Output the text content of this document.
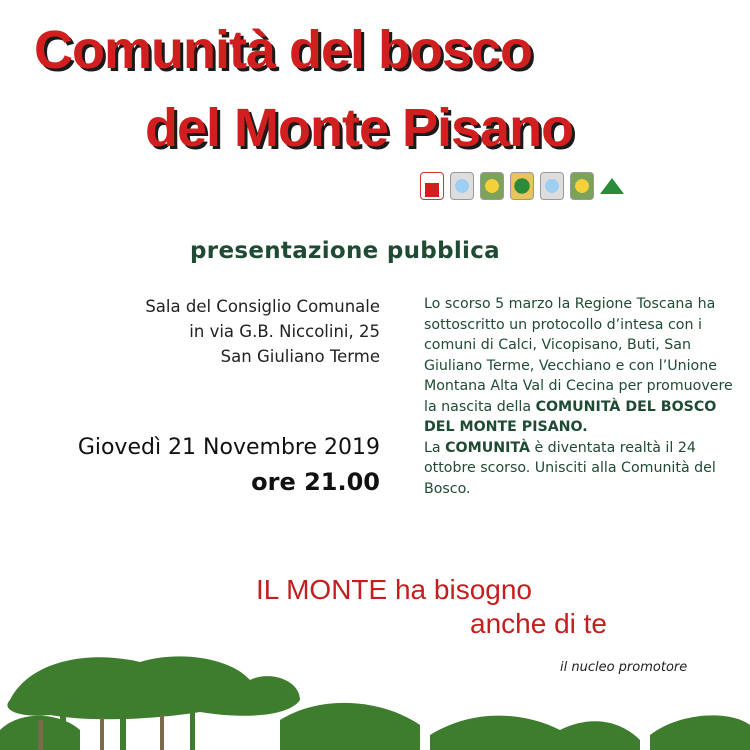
Comunità del bosco
del Monte Pisano
presentazione pubblica
Sala del Consiglio Comunale
in via G.B. Niccolini, 25
San Giuliano Terme
Giovedì 21 Novembre 2019
ore 21.00
Lo scorso 5 marzo la Regione Toscana ha sottoscritto un protocollo d’intesa con i comuni di Calci, Vicopisano, Buti, San Giuliano Terme, Vecchiano e con l’Unione Montana Alta Val di Cecina per promuovere la nascita della COMUNITÀ DEL BOSCO DEL MONTE PISANO.
La COMUNITÀ è diventata realtà il 24 ottobre scorso. Unisciti alla Comunità del Bosco.
IL MONTE ha bisogno
anche di te
il nucleo promotore
